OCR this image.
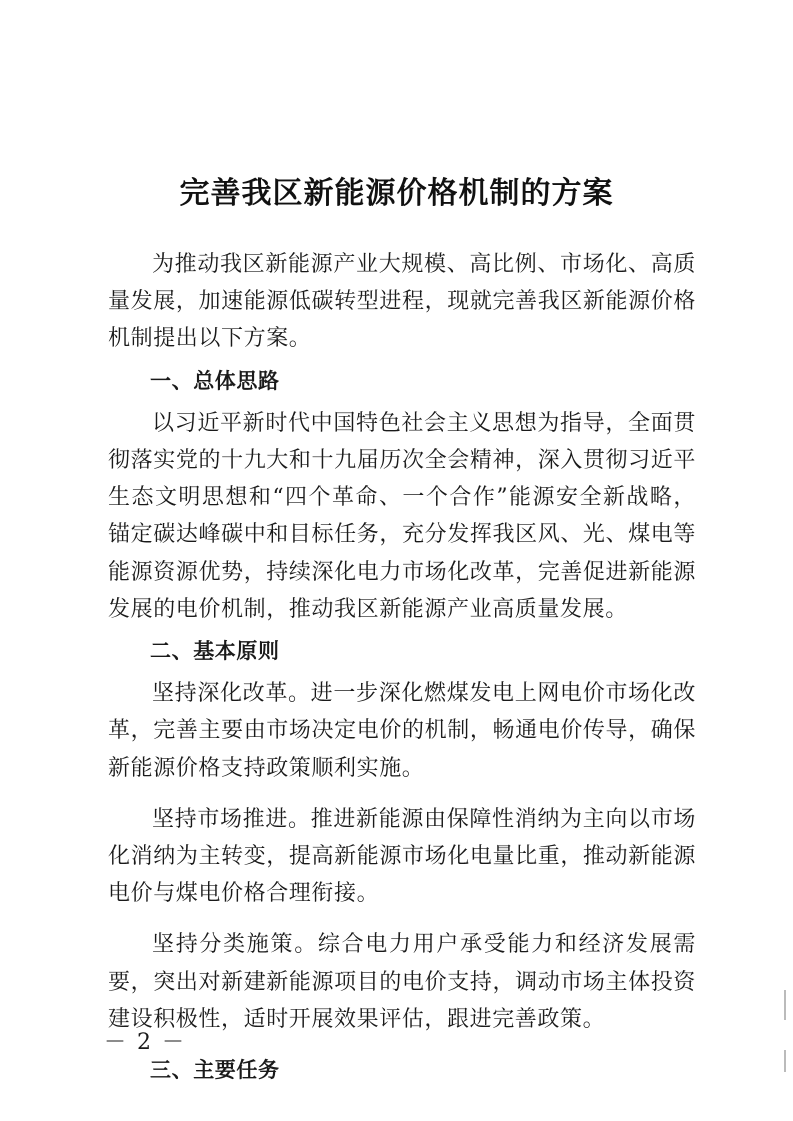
完善我区新能源价格机制的方案

为推动我区新能源产业大规模、高比例、市场化、高质量发展，加速能源低碳转型进程，现就完善我区新能源价格机制提出以下方案。

一、总体思路

以习近平新时代中国特色社会主义思想为指导，全面贯彻落实党的十九大和十九届历次全会精神，深入贯彻习近平生态文明思想和“四个革命、一个合作”能源安全新战略，锚定碳达峰碳中和目标任务，充分发挥我区风、光、煤电等能源资源优势，持续深化电力市场化改革，完善促进新能源发展的电价机制，推动我区新能源产业高质量发展。

二、基本原则

坚持深化改革。进一步深化燃煤发电上网电价市场化改革，完善主要由市场决定电价的机制，畅通电价传导，确保新能源价格支持政策顺利实施。

坚持市场推进。推进新能源由保障性消纳为主向以市场化消纳为主转变，提高新能源市场化电量比重，推动新能源电价与煤电价格合理衔接。

坚持分类施策。综合电力用户承受能力和经济发展需要，突出对新建新能源项目的电价支持，调动市场主体投资建设积极性，适时开展效果评估，跟进完善政策。

三、主要任务

－ 2 －
